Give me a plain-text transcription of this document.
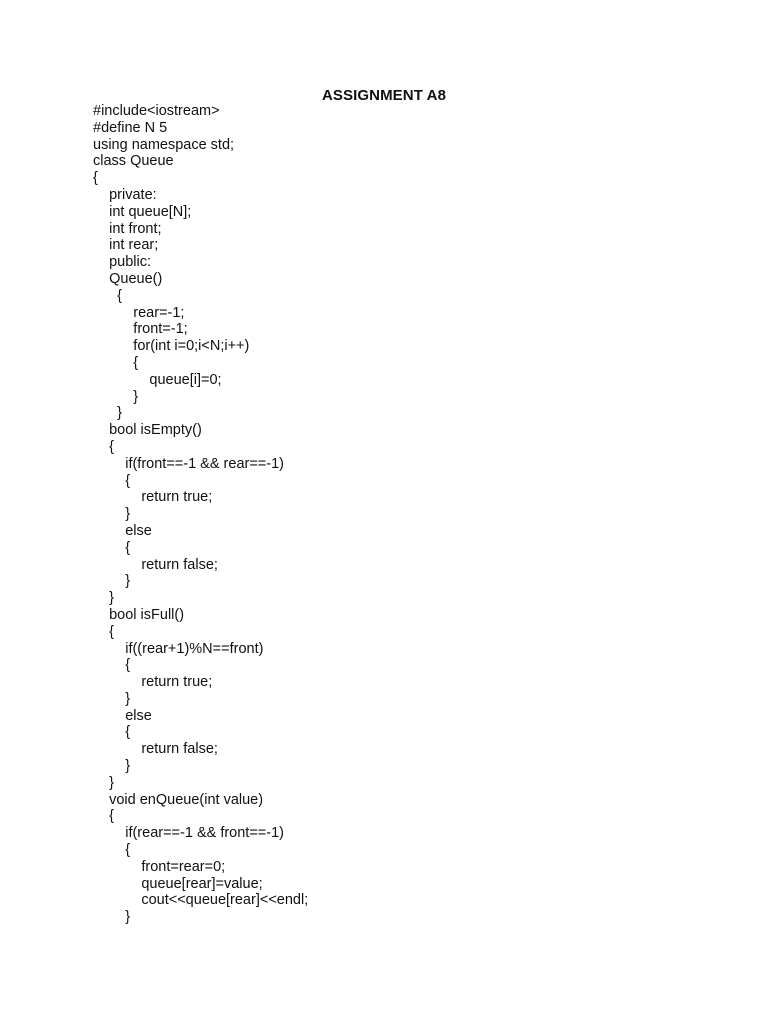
ASSIGNMENT A8
#include<iostream>
#define N 5
using namespace std;
class Queue
{
private:
int queue[N];
int front;
int rear;
public:
Queue()
{
rear=-1;
front=-1;
for(int i=0;i<N;i++)
{
queue[i]=0;
}
}
bool isEmpty()
{
if(front==-1 && rear==-1)
{
return true;
}
else
{
return false;
}
}
bool isFull()
{
if((rear+1)%N==front)
{
return true;
}
else
{
return false;
}
}
void enQueue(int value)
{
if(rear==-1 && front==-1)
{
front=rear=0;
queue[rear]=value;
cout<<queue[rear]<<endl;
}
